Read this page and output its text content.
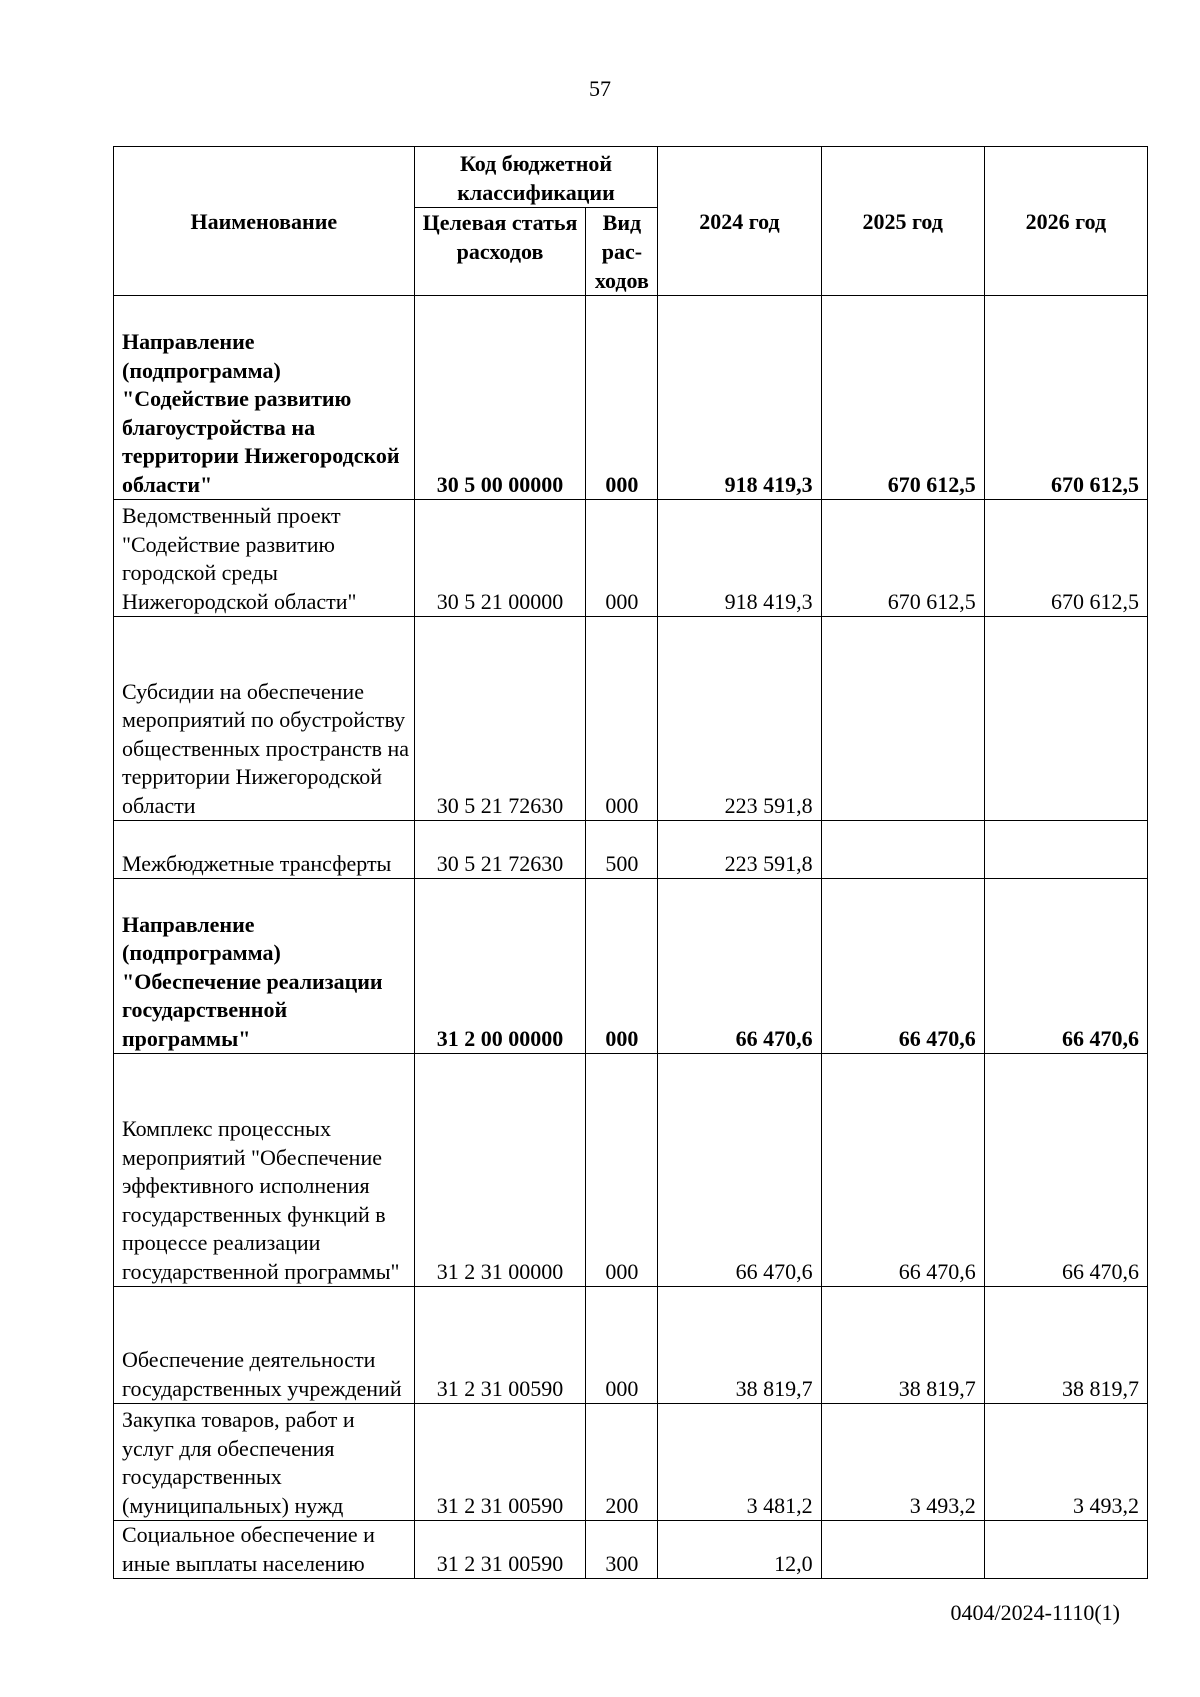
57
Наименование	Код бюджетной классификации		2024 год	2025 год	2026 год
	Целевая статья расходов	Вид рас-ходов			
Направление (подпрограмма) "Содействие развитию благоустройства на территории Нижегородской области"	30 5 00 00000	000	918 419,3	670 612,5	670 612,5
Ведомственный проект "Содействие развитию городской среды Нижегородской области"	30 5 21 00000	000	918 419,3	670 612,5	670 612,5
Субсидии на обеспечение мероприятий по обустройству общественных пространств на территории Нижегородской области	30 5 21 72630	000	223 591,8		
Межбюджетные трансферты	30 5 21 72630	500	223 591,8		
Направление (подпрограмма) "Обеспечение реализации государственной программы"	31 2 00 00000	000	66 470,6	66 470,6	66 470,6
Комплекс процессных мероприятий "Обеспечение эффективного исполнения государственных функций в процессе реализации государственной программы"	31 2 31 00000	000	66 470,6	66 470,6	66 470,6
Обеспечение деятельности государственных учреждений	31 2 31 00590	000	38 819,7	38 819,7	38 819,7
Закупка товаров, работ и услуг для обеспечения государственных (муниципальных) нужд	31 2 31 00590	200	3 481,2	3 493,2	3 493,2
Социальное обеспечение и иные выплаты населению	31 2 31 00590	300	12,0		
0404/2024-1110(1)
